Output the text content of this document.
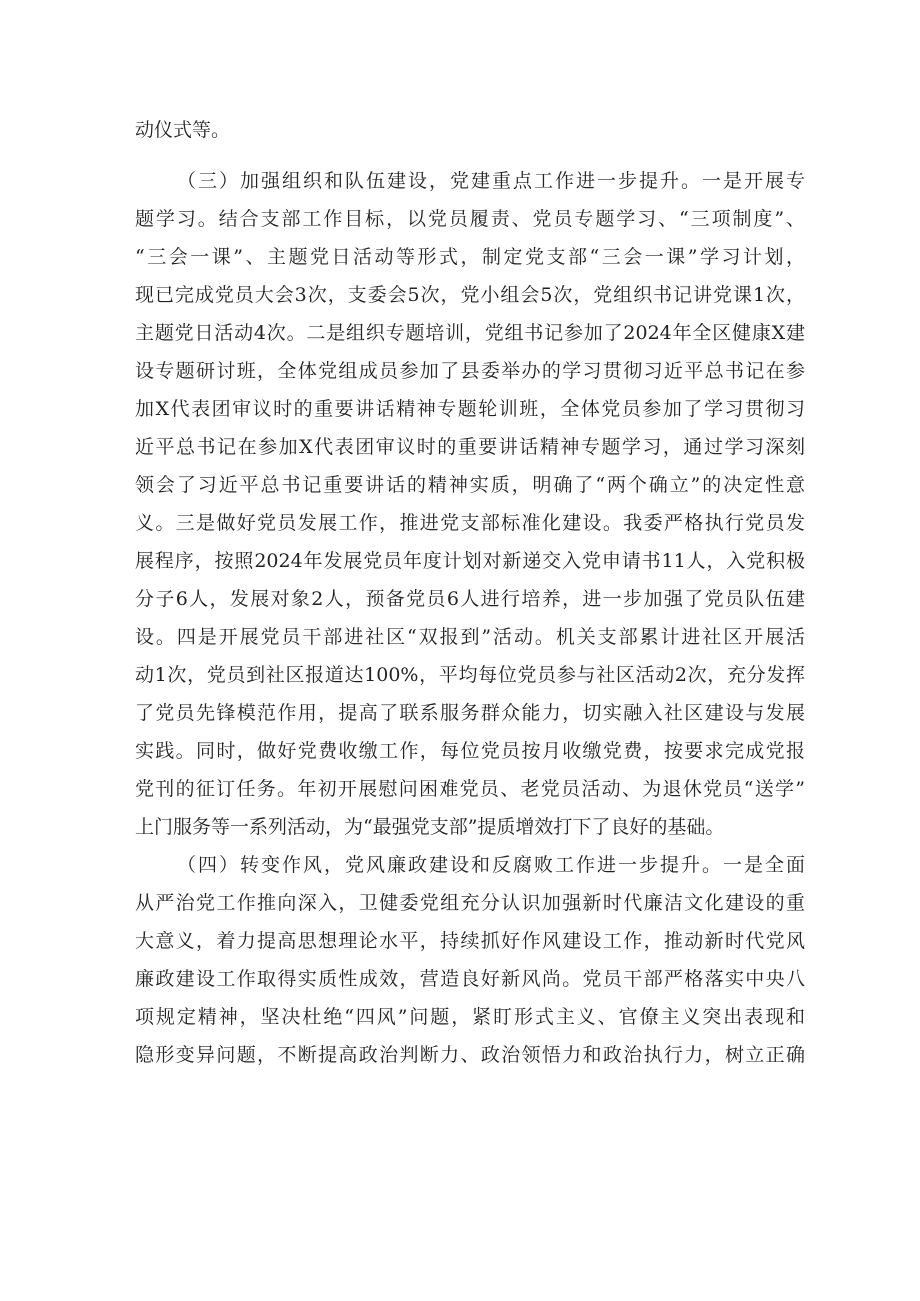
动仪式等。
（三）加强组织和队伍建设，党建重点工作进一步提升。一是开展专
题学习。结合支部工作目标，以党员履责、党员专题学习、“三项制度”、
“三会一课”、主题党日活动等形式，制定党支部“三会一课”学习计划，
现已完成党员大会3次，支委会5次，党小组会5次，党组织书记讲党课1次，
主题党日活动4次。二是组织专题培训，党组书记参加了2024年全区健康X建
设专题研讨班，全体党组成员参加了县委举办的学习贯彻习近平总书记在参
加X代表团审议时的重要讲话精神专题轮训班，全体党员参加了学习贯彻习
近平总书记在参加X代表团审议时的重要讲话精神专题学习，通过学习深刻
领会了习近平总书记重要讲话的精神实质，明确了“两个确立”的决定性意
义。三是做好党员发展工作，推进党支部标准化建设。我委严格执行党员发
展程序，按照2024年发展党员年度计划对新递交入党申请书11人，入党积极
分子6人，发展对象2人，预备党员6人进行培养，进一步加强了党员队伍建
设。四是开展党员干部进社区“双报到”活动。机关支部累计进社区开展活
动1次，党员到社区报道达100%，平均每位党员参与社区活动2次，充分发挥
了党员先锋模范作用，提高了联系服务群众能力，切实融入社区建设与发展
实践。同时，做好党费收缴工作，每位党员按月收缴党费，按要求完成党报
党刊的征订任务。年初开展慰问困难党员、老党员活动、为退休党员“送学”
上门服务等一系列活动，为“最强党支部”提质增效打下了良好的基础。
（四）转变作风，党风廉政建设和反腐败工作进一步提升。一是全面
从严治党工作推向深入，卫健委党组充分认识加强新时代廉洁文化建设的重
大意义，着力提高思想理论水平，持续抓好作风建设工作，推动新时代党风
廉政建设工作取得实质性成效，营造良好新风尚。党员干部严格落实中央八
项规定精神，坚决杜绝“四风”问题，紧盯形式主义、官僚主义突出表现和
隐形变异问题，不断提高政治判断力、政治领悟力和政治执行力，树立正确
